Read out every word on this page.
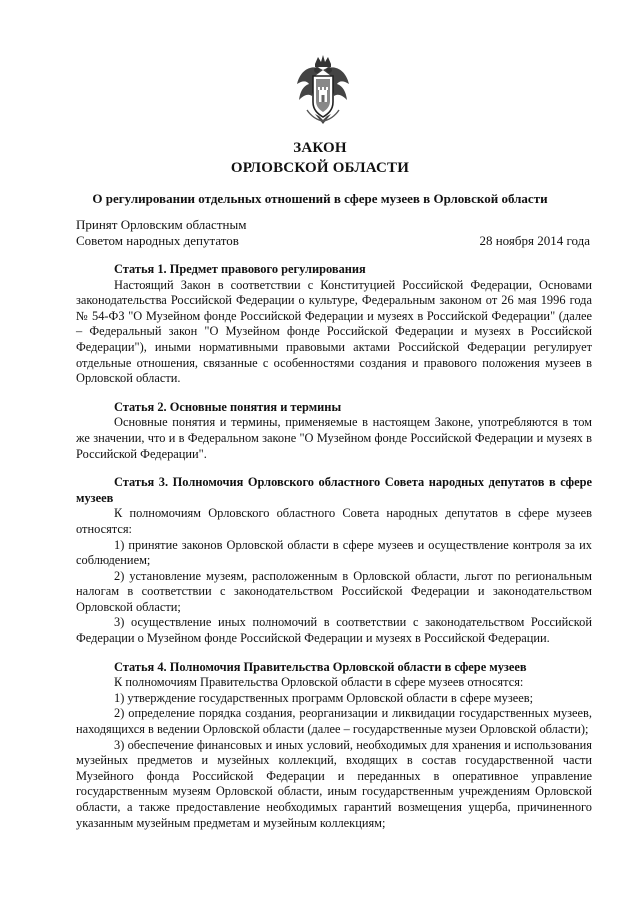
ЗАКОН
ОРЛОВСКОЙ ОБЛАСТИ
О регулировании отдельных отношений в сфере музеев в Орловской области
Принят Орловским областным
Советом народных депутатов	28 ноября 2014 года

Статья 1. Предмет правового регулирования

Настоящий Закон в соответствии с Конституцией Российской Федерации, Основами законодательства Российской Федерации о культуре, Федеральным законом от 26 мая 1996 года № 54-ФЗ "О Музейном фонде Российской Федерации и музеях в Российской Федерации" (далее – Федеральный закон "О Музейном фонде Российской Федерации и музеях в Российской Федерации"), иными нормативными правовыми актами Российской Федерации регулирует отдельные отношения, связанные с особенностями создания и правового положения музеев в Орловской области.

Статья 2. Основные понятия и термины

Основные понятия и термины, применяемые в настоящем Законе, употребляются в том же значении, что и в Федеральном законе "О Музейном фонде Российской Федерации и музеях в Российской Федерации".

Статья 3. Полномочия Орловского областного Совета народных депутатов в сфере музеев

К полномочиям Орловского областного Совета народных депутатов в сфере музеев относятся:

1) принятие законов Орловской области в сфере музеев и осуществление контроля за их соблюдением;

2) установление музеям, расположенным в Орловской области, льгот по региональным налогам в соответствии с законодательством Российской Федерации и законодательством Орловской области;

3) осуществление иных полномочий в соответствии с законодательством Российской Федерации о Музейном фонде Российской Федерации и музеях в Российской Федерации.

Статья 4. Полномочия Правительства Орловской области в сфере музеев

К полномочиям Правительства Орловской области в сфере музеев относятся:

1) утверждение государственных программ Орловской области в сфере музеев;

2) определение порядка создания, реорганизации и ликвидации государственных музеев, находящихся в ведении Орловской области (далее – государственные музеи Орловской области);

3) обеспечение финансовых и иных условий, необходимых для хранения и использования музейных предметов и музейных коллекций, входящих в состав государственной части Музейного фонда Российской Федерации и переданных в оперативное управление государственным музеям Орловской области, иным государственным учреждениям Орловской области, а также предоставление необходимых гарантий возмещения ущерба, причиненного указанным музейным предметам и музейным коллекциям;
